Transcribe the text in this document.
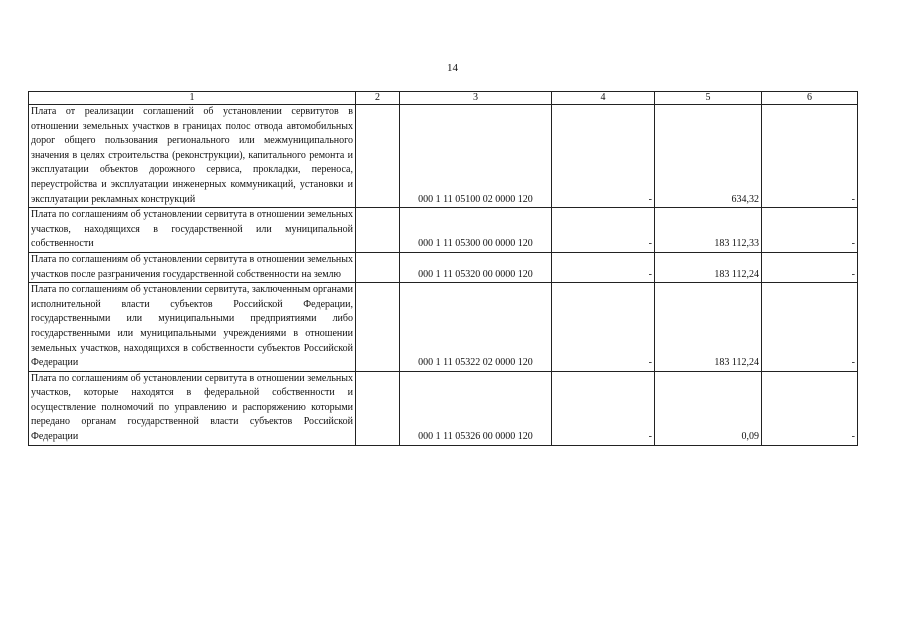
14
1	2	3	4	5	6
Плата от реализации соглашений об установлении сервитутов в отношении земельных участков в границах полос отвода автомобильных дорог общего пользования регионального или межмуниципального значения в целях строительства (реконструкции), капитального ремонта и эксплуатации объектов дорожного сервиса, прокладки, переноса, переустройства и эксплуатации инженерных коммуникаций, установки и эксплуатации рекламных конструкций		000 1 11 05100 02 0000 120	-	634,32	-
Плата по соглашениям об установлении сервитута в отношении земельных участков, находящихся в государственной или муниципальной собственности		000 1 11 05300 00 0000 120	-	183 112,33	-
Плата по соглашениям об установлении сервитута в отношении земельных участков после разграничения государственной собственности на землю		000 1 11 05320 00 0000 120	-	183 112,24	-
Плата по соглашениям об установлении сервитута, заключенным органами исполнительной власти субъектов Российской Федерации, государственными или муниципальными предприятиями либо государственными или муниципальными учреждениями в отношении земельных участков, находящихся в собственности субъектов Российской Федерации		000 1 11 05322 02 0000 120	-	183 112,24	-
Плата по соглашениям об установлении сервитута в отношении земельных участков, которые находятся в федеральной собственности и осуществление полномочий по управлению и распоряжению которыми передано органам государственной власти субъектов Российской Федерации		000 1 11 05326 00 0000 120	-	0,09	-
